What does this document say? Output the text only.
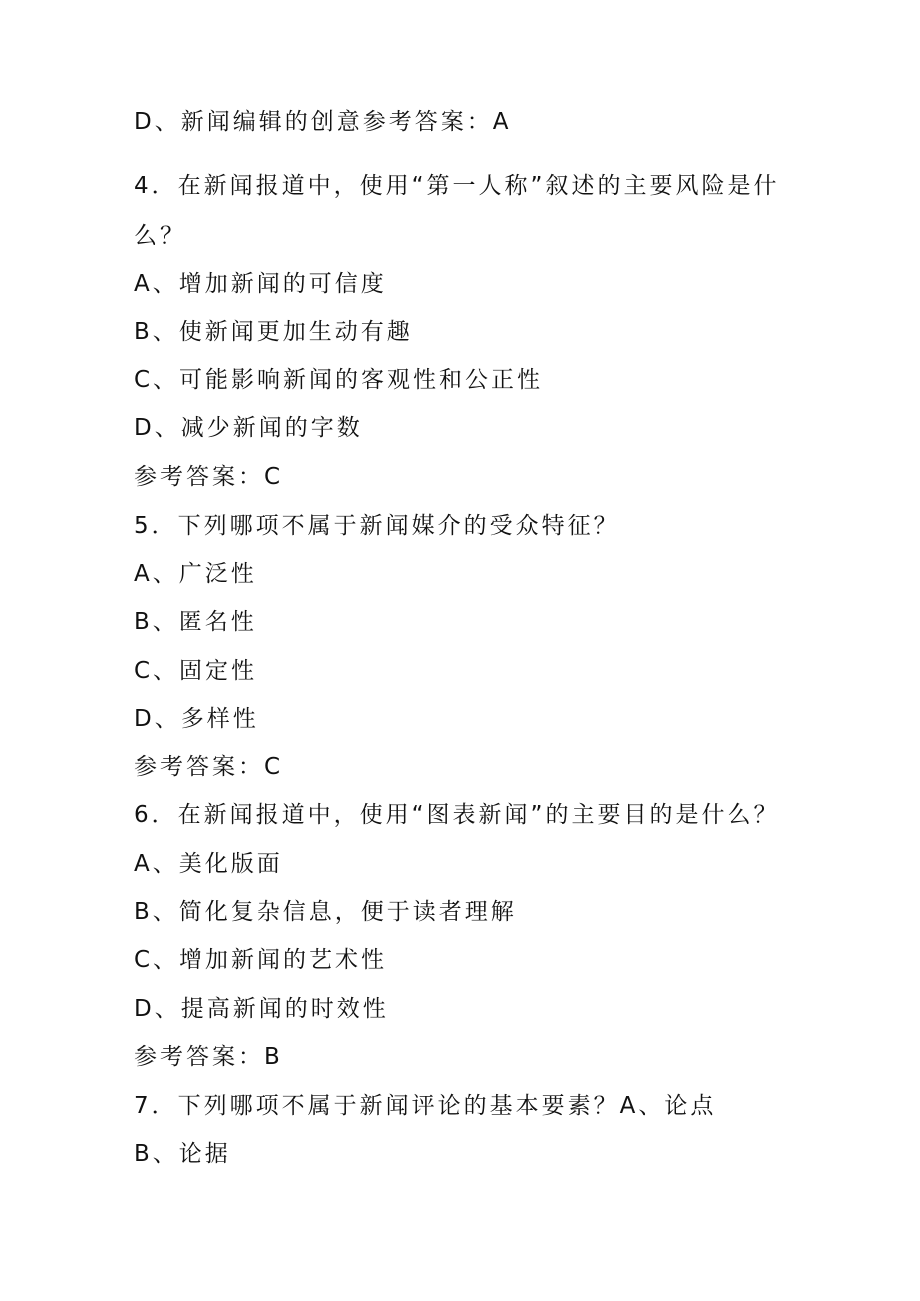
D、新闻编辑的创意参考答案：A
4．在新闻报道中，使用“第一人称”叙述的主要风险是什
么？
A、增加新闻的可信度
B、使新闻更加生动有趣
C、可能影响新闻的客观性和公正性
D、减少新闻的字数
参考答案：C
5．下列哪项不属于新闻媒介的受众特征？
A、广泛性
B、匿名性
C、固定性
D、多样性
参考答案：C
6．在新闻报道中，使用“图表新闻”的主要目的是什么？
A、美化版面
B、简化复杂信息，便于读者理解
C、增加新闻的艺术性
D、提高新闻的时效性
参考答案：B
7．下列哪项不属于新闻评论的基本要素？A、论点
B、论据
